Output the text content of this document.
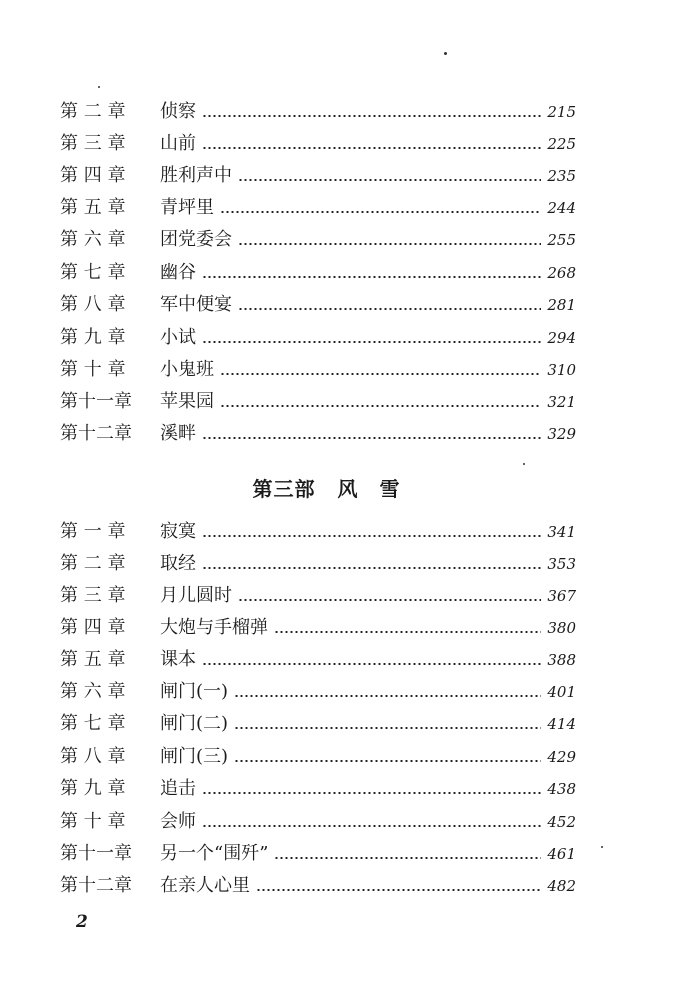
第 二 章	侦察	215
第 三 章	山前	225
第 四 章	胜利声中	235
第 五 章	青坪里	244
第 六 章	团党委会	255
第 七 章	幽谷	268
第 八 章	军中便宴	281
第 九 章	小试	294
第 十 章	小鬼班	310
第十一章	苹果园	321
第十二章	溪畔	329
第三部 风雪
第 一 章	寂寞	341
第 二 章	取经	353
第 三 章	月儿圆时	367
第 四 章	大炮与手榴弹	380
第 五 章	课本	388
第 六 章	闸门(一)	401
第 七 章	闸门(二)	414
第 八 章	闸门(三)	429
第 九 章	追击	438
第 十 章	会师	452
第十一章	另一个“围歼”	461
第十二章	在亲人心里	482
2
